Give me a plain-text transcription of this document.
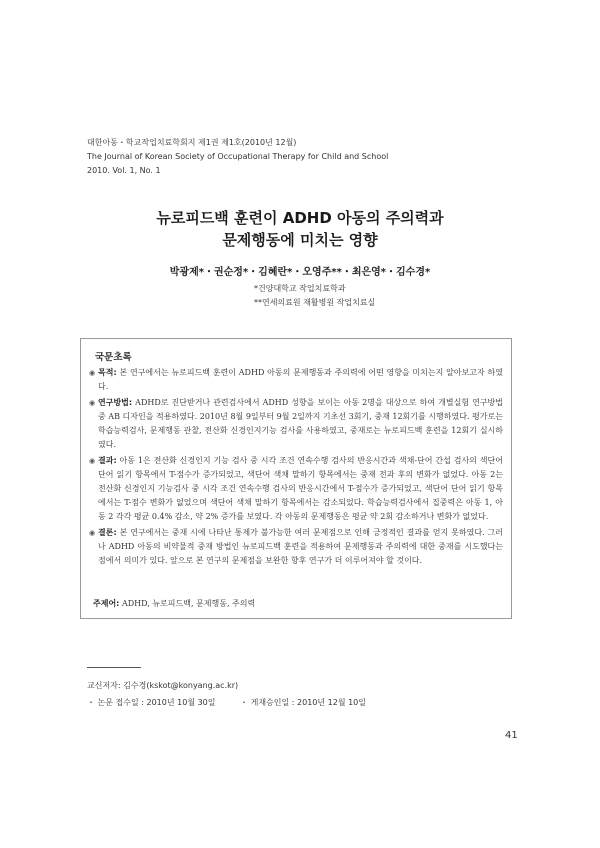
대한아동・학교작업치료학회지 제1권 제1호(2010년 12월)
The Journal of Korean Society of Occupational Therapy for Child and School
2010. Vol. 1, No. 1
뉴로피드백 훈련이 ADHD 아동의 주의력과
문제행동에 미치는 영향
박광제*・권순정*・김혜란*・오영주**・최은영*・김수경*
*건양대학교 작업치료학과
**연세의료원 재활병원 작업치료실
국문초록
◉ 목적: 본 연구에서는 뉴로피드백 훈련이 ADHD 아동의 문제행동과 주의력에 어떤 영향을 미치는지 알아보고자 하였다.
◉ 연구방법: ADHD로 진단받거나 관련검사에서 ADHD 성향을 보이는 아동 2명을 대상으로 하여 개별실험 연구방법 중 AB 디자인을 적용하였다. 2010년 8월 9일부터 9월 2일까지 기초선 3회기, 중재 12회기를 시행하였다. 평가로는 학습능력검사, 문제행동 관찰, 전산화 신경인지기능 검사를 사용하였고, 중재로는 뉴로피드백 훈련을 12회기 실시하였다.
◉ 결과: 아동 1은 전산화 신경인지 기능 검사 중 시각 조건 연속수행 검사의 반응시간과 색채-단어 간섭 검사의 색단어 단어 읽기 항목에서 T-점수가 증가되었고, 색단어 색채 말하기 항목에서는 중재 전과 후의 변화가 없었다. 아동 2는 전산화 신경인지 기능검사 중 시각 조건 연속수행 검사의 반응시간에서 T-점수가 증가되었고, 색단어 단어 읽기 항목에서는 T-점수 변화가 없었으며 색단어 색채 말하기 항목에서는 감소되었다. 학습능력검사에서 집중력은 아동 1, 아동 2 각각 평균 0.4% 감소, 약 2% 증가를 보였다. 각 아동의 문제행동은 평균 약 2회 감소하거나 변화가 없었다.
◉ 결론: 본 연구에서는 중재 시에 나타난 통제가 불가능한 여러 문제점으로 인해 긍정적인 결과를 얻지 못하였다. 그러나 ADHD 아동의 비약물적 중재 방법인 뉴로피드백 훈련을 적용하여 문제행동과 주의력에 대한 중재를 시도했다는 점에서 의미가 있다. 앞으로 본 연구의 문제점을 보완한 향후 연구가 더 이루어져야 할 것이다.
주제어: ADHD, 뉴로피드백, 문제행동, 주의력
교신저자: 김수경(kskot@konyang.ac.kr)
・ 논문 접수일 : 2010년 10월 30일	・ 게재승인일 : 2010년 12월 10일
41
